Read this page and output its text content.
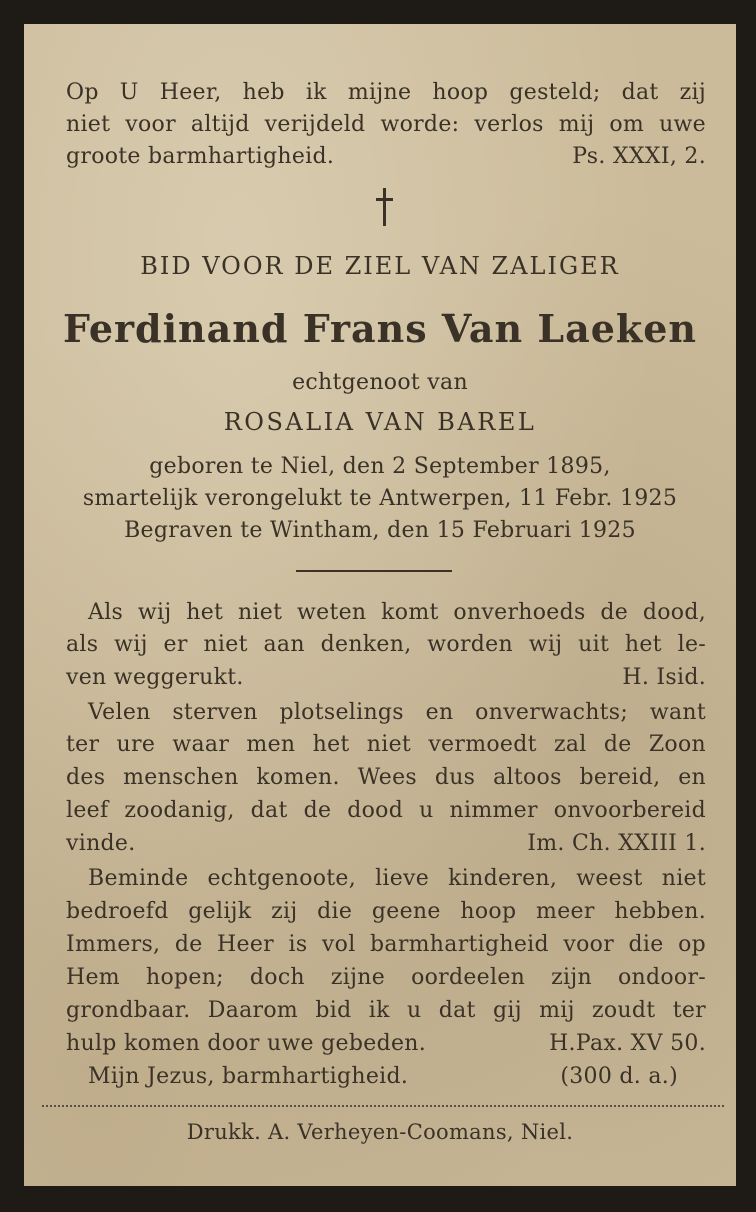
Op U Heer, heb ik mijne hoop gesteld; dat zij
niet voor altijd verijdeld worde: verlos mij om uwe
groote barmhartigheid.	Ps. XXXI, 2.
BID VOOR DE ZIEL VAN ZALIGER
Ferdinand Frans Van Laeken
echtgenoot van
ROSALIA VAN BAREL
geboren te Niel, den 2 September 1895,
smartelijk verongelukt te Antwerpen, 11 Febr. 1925
Begraven te Wintham, den 15 Februari 1925
Als wij het niet weten komt onverhoeds de dood,
als wij er niet aan denken, worden wij uit het le-
ven weggerukt.	H. Isid.
Velen sterven plotselings en onverwachts; want
ter ure waar men het niet vermoedt zal de Zoon
des menschen komen. Wees dus altoos bereid, en
leef zoodanig, dat de dood u nimmer onvoorbereid
vinde.	Im. Ch. XXIII 1.
Beminde echtgenoote, lieve kinderen, weest niet
bedroefd gelijk zij die geene hoop meer hebben.
Immers, de Heer is vol barmhartigheid voor die op
Hem hopen; doch zijne oordeelen zijn ondoor-
grondbaar. Daarom bid ik u dat gij mij zoudt ter
hulp komen door uwe gebeden.	H.Pax. XV 50.
Mijn Jezus, barmhartigheid.	(300 d. a.)
Drukk. A. Verheyen-Coomans, Niel.
